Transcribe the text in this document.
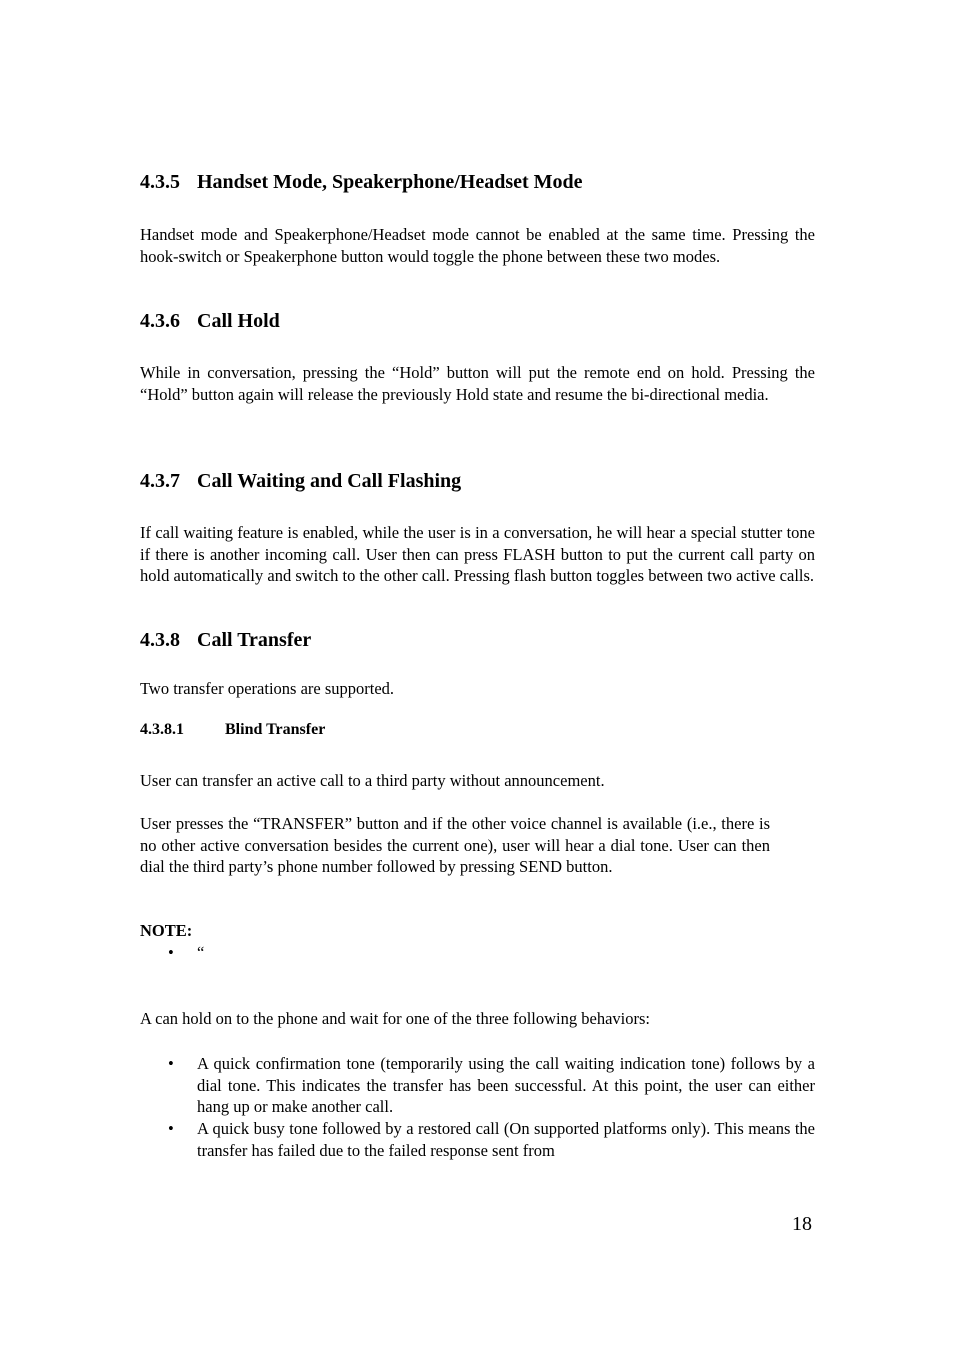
4.3.5 Handset Mode, Speakerphone/Headset Mode

Handset mode and Speakerphone/Headset mode cannot be enabled at the same time. Pressing the hook-switch or Speakerphone button would toggle the phone between these two modes.

4.3.6 Call Hold

While in conversation, pressing the “Hold” button will put the remote end on hold. Pressing the “Hold” button again will release the previously Hold state and resume the bi-directional media.

4.3.7 Call Waiting and Call Flashing

If call waiting feature is enabled, while the user is in a conversation, he will hear a special stutter tone if there is another incoming call. User then can press FLASH button to put the current call party on hold automatically and switch to the other call. Pressing flash button toggles between two active calls.

4.3.8 Call Transfer

Two transfer operations are supported.

4.3.8.1	Blind Transfer

User can transfer an active call to a third party without announcement.

User presses the “TRANSFER” button and if the other voice channel is available (i.e., there is no other active conversation besides the current one), user will hear a dial tone. User can then dial the third party’s phone number followed by pressing SEND button.

NOTE:
• “

A can hold on to the phone and wait for one of the three following behaviors:

• A quick confirmation tone (temporarily using the call waiting indication tone) follows by a dial tone. This indicates the transfer has been successful. At this point, the user can either hang up or make another call.
• A quick busy tone followed by a restored call (On supported platforms only). This means the transfer has failed due to the failed response sent from
18
